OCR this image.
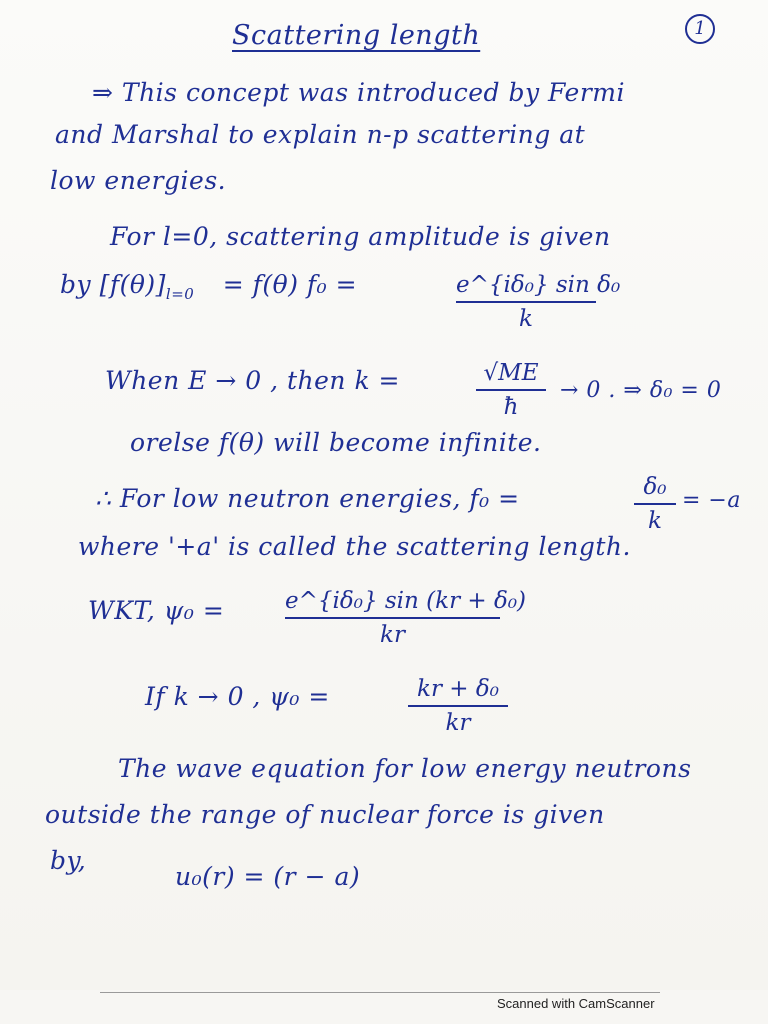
Scattering length	1
⇒ This concept was introduced by Fermi
and Marshal to explain n-p scattering at
low energies.
For l=0, scattering amplitude is given
by $[f(\theta)]_{l=0} = f(\theta) f_0$ =	e^{iδ₀} sin δ₀
k
When E → 0 , then k =	√ME
ħ
→ 0 . ⇒ δ₀ = 0
orelse f(θ) will become infinite.
∴ For low neutron energies, f₀ =	δ₀
k
= −a
where '+a' is called the scattering length.
WKT, ψ₀ =	e^{iδ₀} sin (kr + δ₀)
kr
If k → 0 , ψ₀ =	kr + δ₀
kr
The wave equation for low energy neutrons
outside the range of nuclear force is given
by,
u₀(r) = (r − a)
Scanned with CamScanner
